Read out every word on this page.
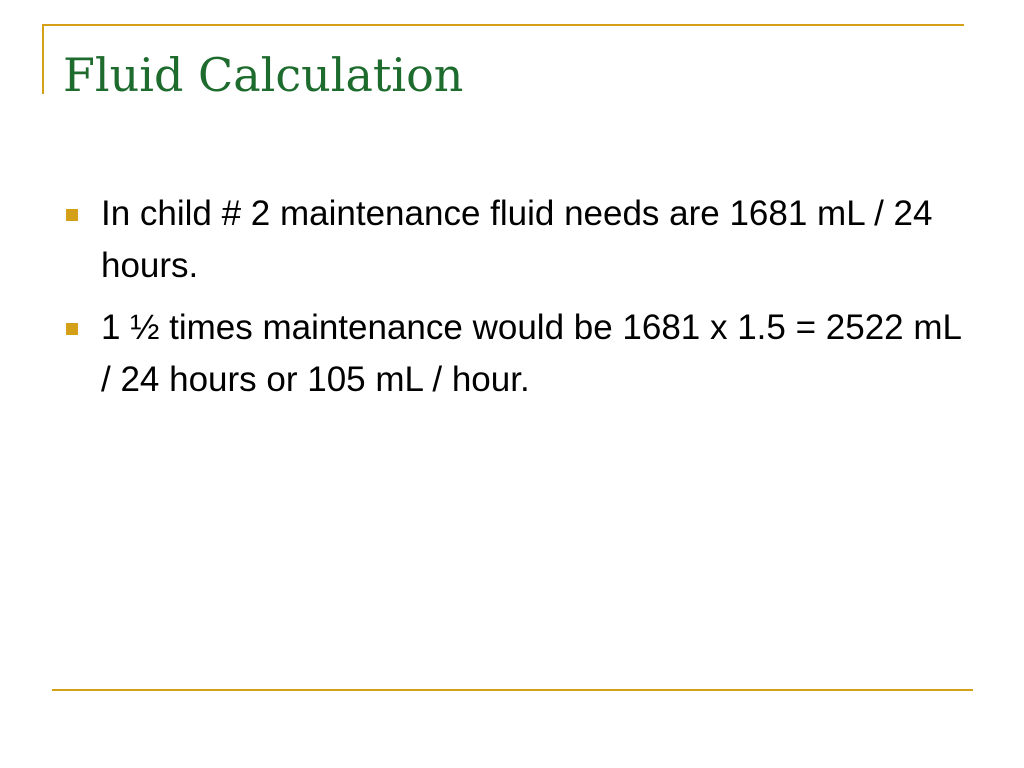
Fluid Calculation
In child # 2 maintenance fluid needs are 1681 mL / 24 hours.
1 ½ times maintenance would be 1681 x 1.5 = 2522 mL / 24 hours or 105 mL / hour.
